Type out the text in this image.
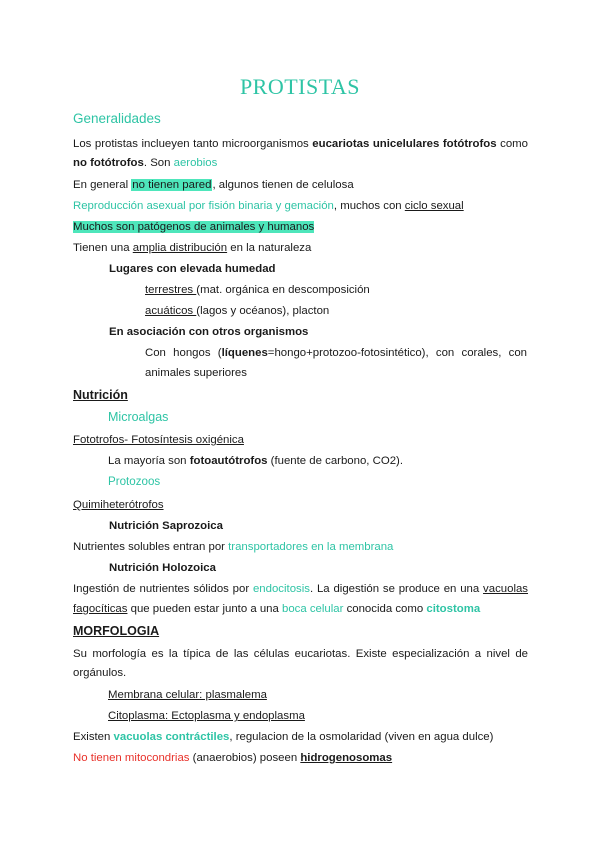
PROTISTAS
Generalidades
Los protistas inclueyen tanto microorganismos eucariotas unicelulares fotótrofos como
no fotótrofos. Son aerobios
En general no tienen pared, algunos tienen de celulosa
Reproducción asexual por fisión binaria y gemación, muchos con ciclo sexual
Muchos son patógenos de animales y humanos
Tienen una amplia distribución en la naturaleza
Lugares con elevada humedad
terrestres (mat. orgánica en descomposición
acuáticos (lagos y océanos), placton
En asociación con otros organismos
Con hongos (líquenes=hongo+protozoo-fotosintético), con corales, con
animales superiores
Nutrición
Microalgas
Fototrofos- Fotosíntesis oxigénica
La mayoría son fotoautótrofos (fuente de carbono, CO2).
Protozoos
Quimiheterótrofos
Nutrición Saprozoica
Nutrientes solubles entran por transportadores en la membrana
Nutrición Holozoica
Ingestión de nutrientes sólidos por endocitosis. La digestión se produce en una vacuolas
fagocíticas que pueden estar junto a una boca celular conocida como citostoma
MORFOLOGIA
Su morfología es la típica de las células eucariotas. Existe especialización a nivel de
orgánulos.
Membrana celular: plasmalema
Citoplasma: Ectoplasma y endoplasma
Existen vacuolas contráctiles, regulacion de la osmolaridad (viven en agua dulce)
No tienen mitocondrias (anaerobios) poseen hidrogenosomas
